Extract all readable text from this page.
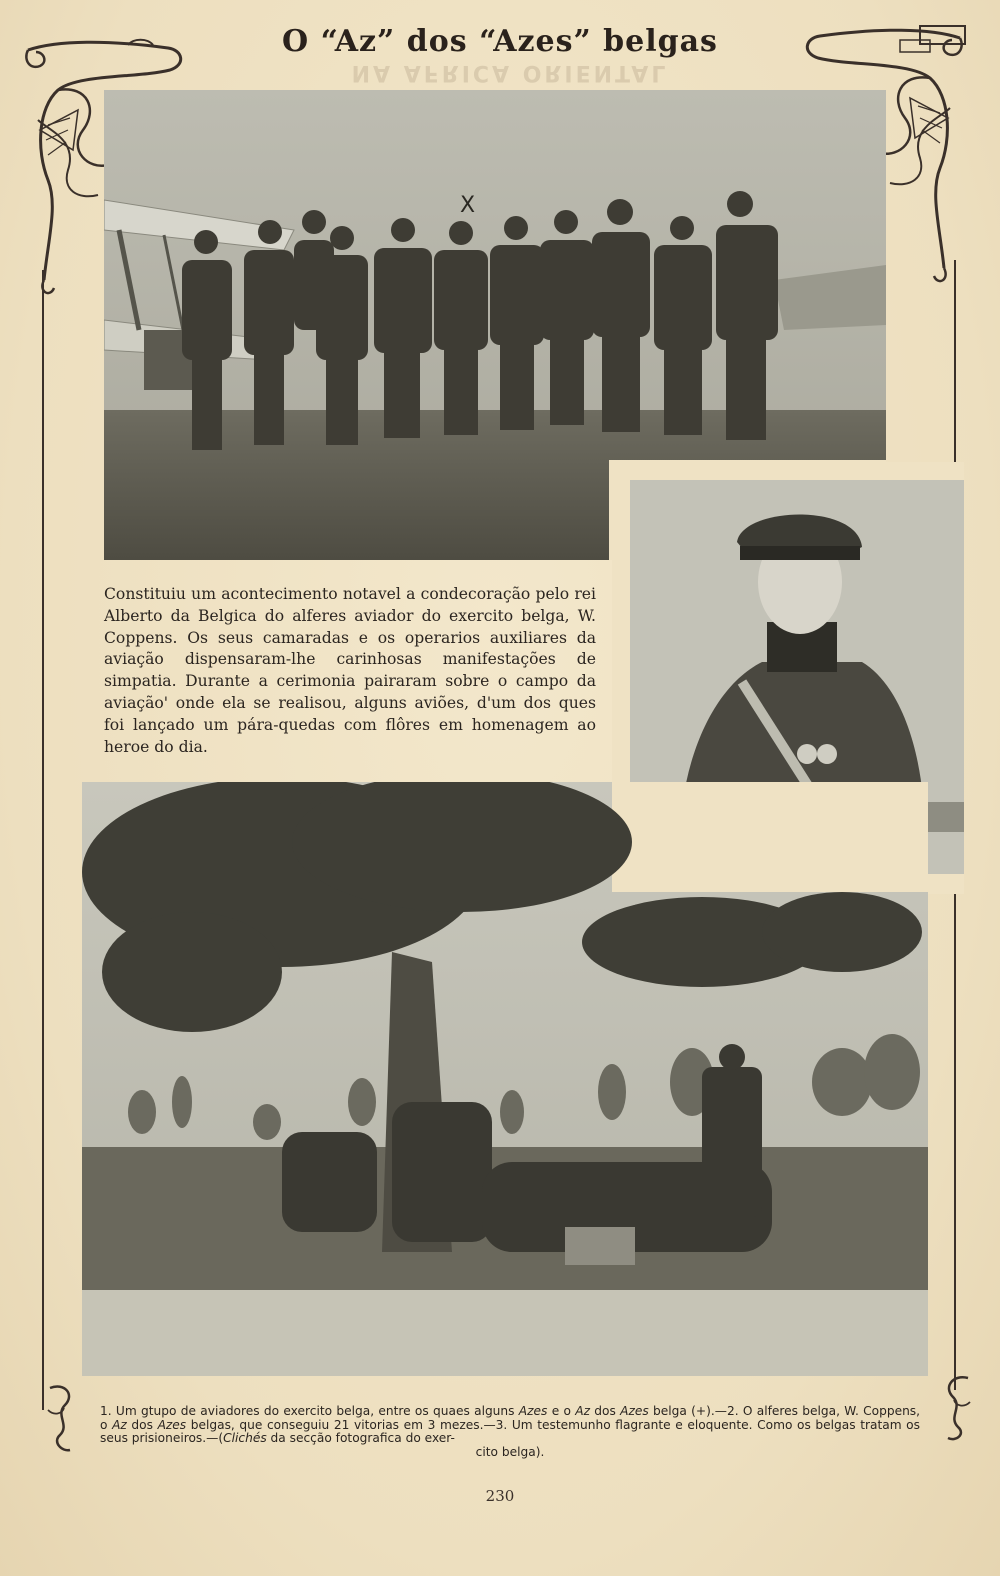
NA AFRICA ORIENTAL
O “Az” dos “Azes” belgas
X
Constituiu um acontecimento notavel a condecoração pelo rei Alberto da Belgica do alferes aviador do exercito belga, W. Coppens. Os seus camaradas e os operarios auxiliares da aviação dispensaram-lhe carinhosas manifestações de simpatia. Durante a cerimonia pairaram sobre o campo da aviação' onde ela se realisou, alguns aviões, d'um dos ques foi lançado um pára-quedas com flôres em homenagem ao heroe do dia.
1. Um gtupo de aviadores do exercito belga, entre os quaes alguns Azes e o Az dos Azes belga (+).—2. O alferes belga, W. Coppens, o Az dos Azes belgas, que conseguiu 21 vitorias em 3 mezes.—3. Um testemunho flagrante e eloquente. Como os belgas tratam os seus prisioneiros.—(Clichés da secção fotografica do exer-
cito belga).
230
